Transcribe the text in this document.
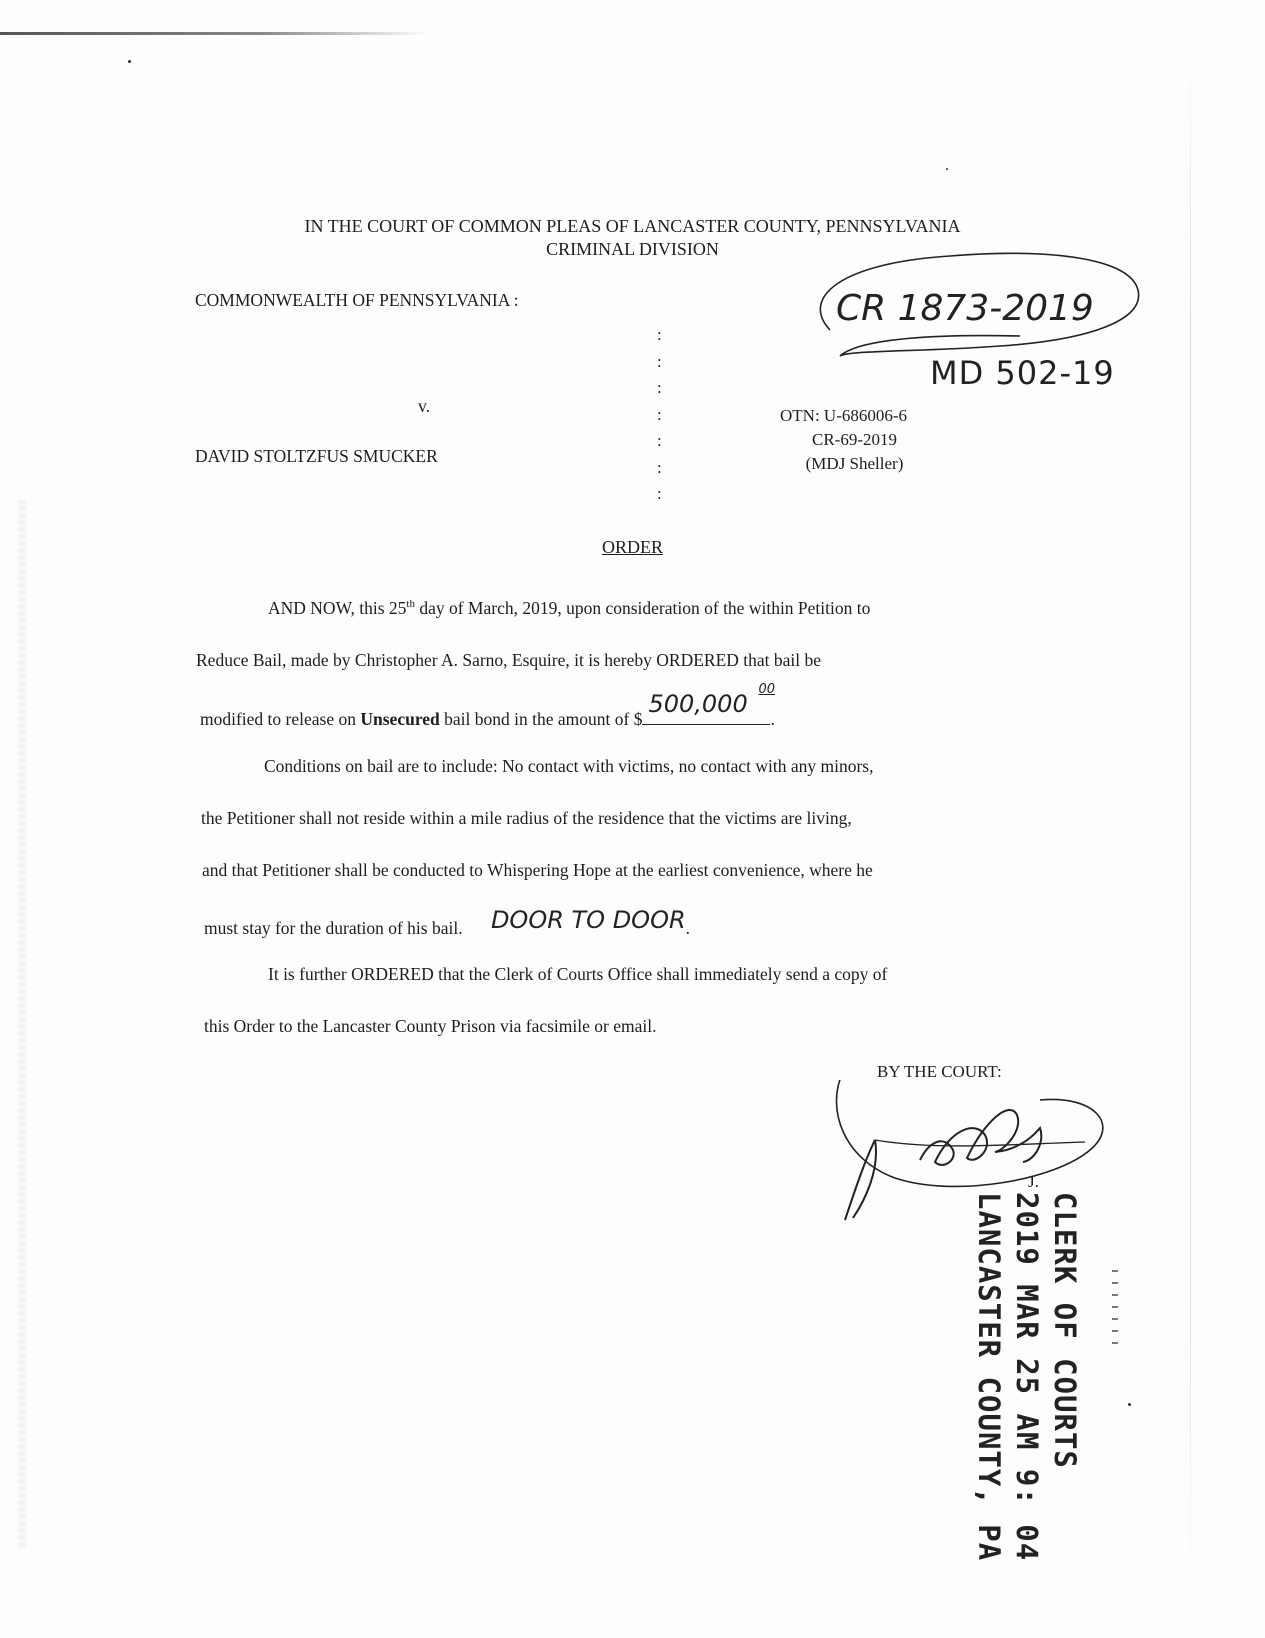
IN THE COURT OF COMMON PLEAS OF LANCASTER COUNTY, PENNSYLVANIA
CRIMINAL DIVISION
COMMONWEALTH OF PENNSYLVANIA :
v.
DAVID STOLTZFUS SMUCKER
:
:
:
:
:
:
:
CR 1873-2019
OTN: U-686006-6
CR-69-2019
(MDJ Sheller)
MD 502-19
ORDER
AND NOW, this 25th day of March, 2019, upon consideration of the within Petition to
Reduce Bail, made by Christopher A. Sarno, Esquire, it is hereby ORDERED that bail be
modified to release on Unsecured bail bond in the amount of $
500,000
00
.
Conditions on bail are to include: No contact with victims, no contact with any minors,
the Petitioner shall not reside within a mile radius of the residence that the victims are living,
and that Petitioner shall be conducted to Whispering Hope at the earliest convenience, where he
must stay for the duration of his bail. DOOR TO DOOR.
It is further ORDERED that the Clerk of Courts Office shall immediately send a copy of
this Order to the Lancaster County Prison via facsimile or email.
BY THE COURT:
J.
CLERK OF COURTS
2019 MAR 25 AM 9: 04
LANCASTER COUNTY, PA
